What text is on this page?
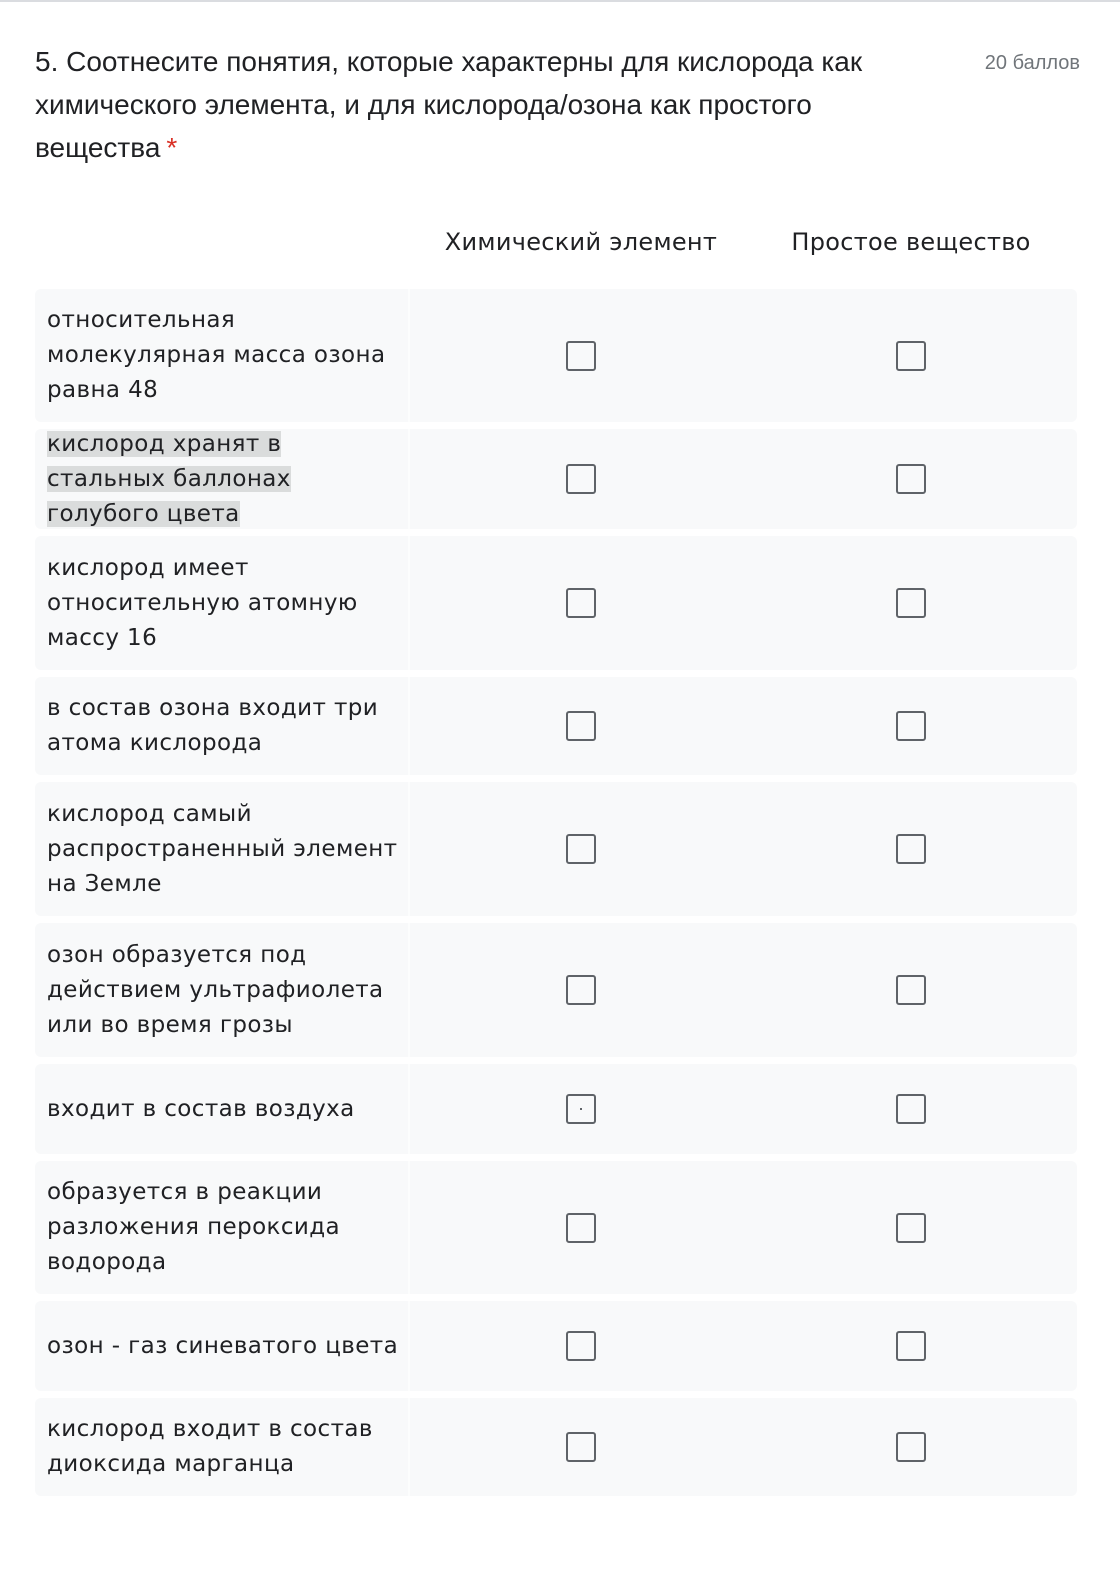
5. Соотнесите понятия, которые характерны для кислорода как химического элемента, и для кислорода/озона как простого вещества *
20 баллов
Химический элемент	Простое вещество
относительная молекулярная масса озона равна 48
кислород хранят в стальных баллонах голубого цвета
кислород имеет относительную атомную массу 16
в состав озона входит три атома кислорода
кислород самый распространенный элемент на Земле
озон образуется под действием ультрафиолета или во время грозы
входит в состав воздуха
образуется в реакции разложения пероксида водорода
озон - газ синеватого цвета
кислород входит в состав диоксида марганца
